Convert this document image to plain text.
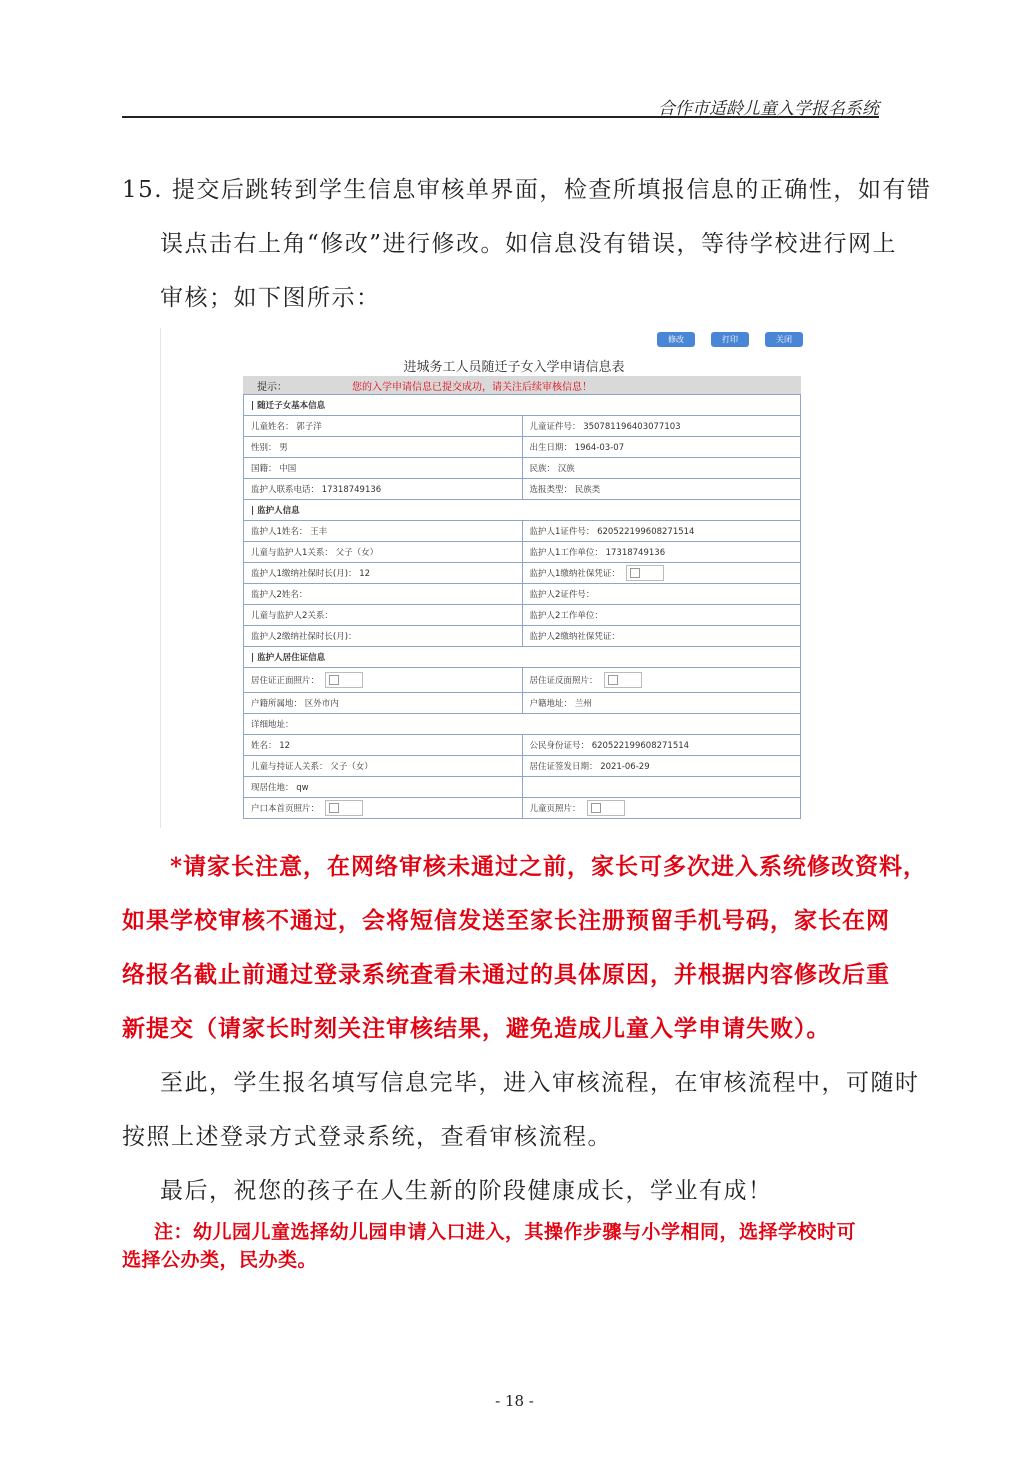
合作市适龄儿童入学报名系统
15. 提交后跳转到学生信息审核单界面，检查所填报信息的正确性，如有错
误点击右上角“修改”进行修改。如信息没有错误，等待学校进行网上
审核；如下图所示：
修改	打印	关闭
进城务工人员随迁子女入学申请信息表
提示：	您的入学申请信息已提交成功，请关注后续审核信息！
| 随迁子女基本信息
儿童姓名： 郭子洋	儿童证件号： 350781196403077103
性别： 男	出生日期： 1964-03-07
国籍： 中国	民族： 汉族
监护人联系电话： 17318749136	选报类型： 民族类
| 监护人信息
监护人1姓名： 王丰	监护人1证件号： 620522199608271514
儿童与监护人1关系： 父子（女）	监护人1工作单位： 17318749136
监护人1缴纳社保时长(月)： 12	监护人1缴纳社保凭证：
监护人2姓名：	监护人2证件号：
儿童与监护人2关系：	监护人2工作单位：
监护人2缴纳社保时长(月)：	监护人2缴纳社保凭证：
| 监护人居住证信息
居住证正面照片：	居住证反面照片：
户籍所属地： 区外市内	户籍地址： 兰州
详细地址：
姓名： 12	公民身份证号： 620522199608271514
儿童与持证人关系： 父子（女）	居住证签发日期： 2021-06-29
现居住地： qw
户口本首页照片：	儿童页照片：
*请家长注意，在网络审核未通过之前，家长可多次进入系统修改资料，
如果学校审核不通过，会将短信发送至家长注册预留手机号码，家长在网
络报名截止前通过登录系统查看未通过的具体原因，并根据内容修改后重
新提交（请家长时刻关注审核结果，避免造成儿童入学申请失败）。
至此，学生报名填写信息完毕，进入审核流程，在审核流程中，可随时
按照上述登录方式登录系统，查看审核流程。
最后，祝您的孩子在人生新的阶段健康成长，学业有成！
注：幼儿园儿童选择幼儿园申请入口进入，其操作步骤与小学相同，选择学校时可
选择公办类，民办类。
- 18 -
